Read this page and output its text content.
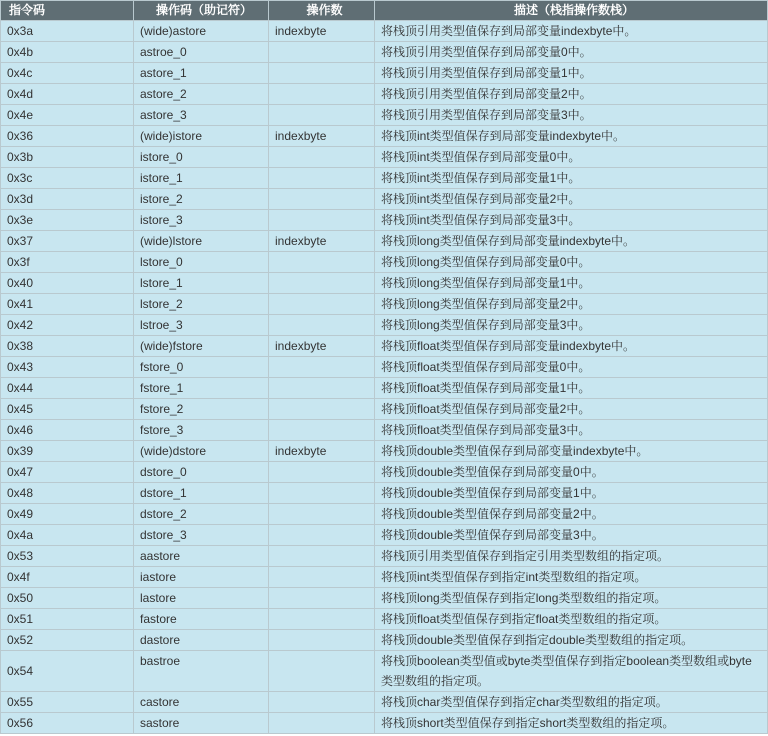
指令码	操作码（助记符）	操作数	描述（栈指操作数栈）
0x3a	(wide)astore	indexbyte	将栈顶引用类型值保存到局部变量indexbyte中。
0x4b	astroe_0		将栈顶引用类型值保存到局部变量0中。
0x4c	astore_1		将栈顶引用类型值保存到局部变量1中。
0x4d	astore_2		将栈顶引用类型值保存到局部变量2中。
0x4e	astore_3		将栈顶引用类型值保存到局部变量3中。
0x36	(wide)istore	indexbyte	将栈顶int类型值保存到局部变量indexbyte中。
0x3b	istore_0		将栈顶int类型值保存到局部变量0中。
0x3c	istore_1		将栈顶int类型值保存到局部变量1中。
0x3d	istore_2		将栈顶int类型值保存到局部变量2中。
0x3e	istore_3		将栈顶int类型值保存到局部变量3中。
0x37	(wide)lstore	indexbyte	将栈顶long类型值保存到局部变量indexbyte中。
0x3f	lstore_0		将栈顶long类型值保存到局部变量0中。
0x40	lstore_1		将栈顶long类型值保存到局部变量1中。
0x41	lstore_2		将栈顶long类型值保存到局部变量2中。
0x42	lstroe_3		将栈顶long类型值保存到局部变量3中。
0x38	(wide)fstore	indexbyte	将栈顶float类型值保存到局部变量indexbyte中。
0x43	fstore_0		将栈顶float类型值保存到局部变量0中。
0x44	fstore_1		将栈顶float类型值保存到局部变量1中。
0x45	fstore_2		将栈顶float类型值保存到局部变量2中。
0x46	fstore_3		将栈顶float类型值保存到局部变量3中。
0x39	(wide)dstore	indexbyte	将栈顶double类型值保存到局部变量indexbyte中。
0x47	dstore_0		将栈顶double类型值保存到局部变量0中。
0x48	dstore_1		将栈顶double类型值保存到局部变量1中。
0x49	dstore_2		将栈顶double类型值保存到局部变量2中。
0x4a	dstore_3		将栈顶double类型值保存到局部变量3中。
0x53	aastore		将栈顶引用类型值保存到指定引用类型数组的指定项。
0x4f	iastore		将栈顶int类型值保存到指定int类型数组的指定项。
0x50	lastore		将栈顶long类型值保存到指定long类型数组的指定项。
0x51	fastore		将栈顶float类型值保存到指定float类型数组的指定项。
0x52	dastore		将栈顶double类型值保存到指定double类型数组的指定项。
0x54	bastroe		将栈顶boolean类型值或byte类型值保存到指定boolean类型数组或byte类型数组的指定项。
0x55	castore		将栈顶char类型值保存到指定char类型数组的指定项。
0x56	sastore		将栈顶short类型值保存到指定short类型数组的指定项。
